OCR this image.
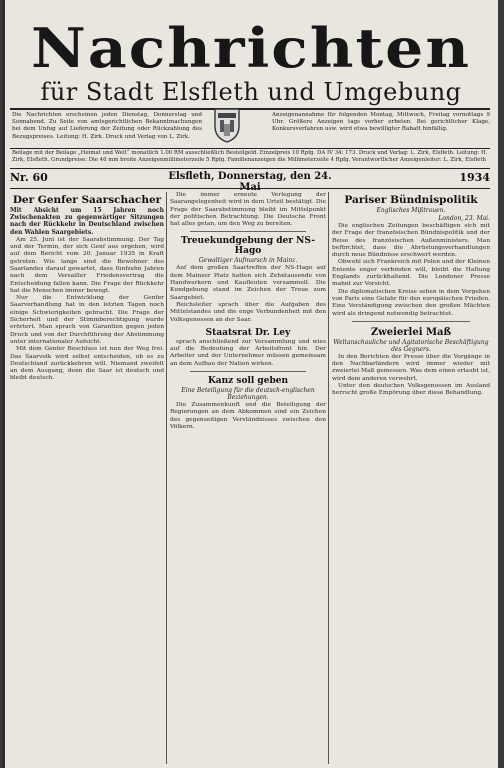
Nachrichten
für Stadt Elsfleth und Umgebung
Die Nachrichten erscheinen jeden Dienstag, Donnerstag und Sonnabend. Zu Seite von amtsgerichtlichen Bekanntmachungen bei dem Unfug auf Lieferung der Zeitung oder Rückzahlung des Bezugspreises. Leitung: H. Zirk. Druck und Verlag von L. Zirk.
Anzeigenannahme für folgenden Montag, Mittwoch, Freitag vormittags 9 Uhr. Größere Anzeigen tags vorher erbeten. Bei gerichtlicher Klage, Konkursverfahren usw. wird etwa bewilligter Rabatt hinfällig.
Beilage mit der Beilage „Heimat und Welt“ monatlich 1.00 RM ausschließlich Bestellgeld. Einzelpreis 10 Rpfg. DA IV 34: 173. Druck und Verlag: L. Zirk, Elsfleth. Leitung: H. Zirk, Elsfleth. Grundpreise: Die 46 mm breite Anzeigenmillimeterzeile 5 Rpfg. Familienanzeigen die Millimeterzeile 4 Rpfg. Verantwortlicher Anzeigenleiter: L. Zirk, Elsfleth
Nr. 60	Elsfleth, Donnerstag, den 24.	1934
Der Genfer Saarschacher
Mit Absicht um 15 Jahren noch Zwischenakten zu gegenwärtiger Sitzungen nach der Rückkehr in Deutschland zwischen den Wahlen Saargebiets.
Am 25. Juni ist der Saarabstimmung. Der Tag und der Termin, der sich Genf aus ergeben, wird auf dem Bericht vom 20. Januar 1935 in Kraft getreten. Wie lange sind die Bewohner des Saarlandes darauf gewartet, dass fünfzehn Jahren nach dem Versailler Friedensvertrag die Entscheidung fallen kann. Die Frage der Rückkehr hat die Menschen immer bewegt.
Nur die Entwicklung der Genfer Saarverhandlung hat in den letzten Tagen noch einige Schwierigkeiten gebracht. Die Frage der Sicherheit und der Stimmberechtigung wurde erörtert. Man sprach von Garantien gegen jeden Druck und von der Durchführung der Abstimmung unter internationaler Aufsicht.
Mit dem Genfer Beschluss ist nun der Weg frei. Das Saarvolk wird selbst entscheiden, ob es zu Deutschland zurückkehren will. Niemand zweifelt an dem Ausgang, denn die Saar ist deutsch und bleibt deutsch.
Die immer erneute Verlegung der Saarangelegenheit wird in dem Urteil bestätigt. Die Frage der Saarabstimmung bleibt im Mittelpunkt der politischen Betrachtung. Die Deutsche Front hat alles getan, um den Weg zu bereiten.
Treuekundgebung der NS-Hago
Gewaltiger Aufmarsch in Mainz.
Auf dem großen Saartreffen der NS-Hago auf dem Mainzer Platz hatten sich Zehntausende von Handwerkern und Kaufleuten versammelt. Die Kundgebung stand im Zeichen der Treue zum Saargebiet.
Reichsleiter sprach über die Aufgaben des Mittelstandes und die enge Verbundenheit mit den Volksgenossen an der Saar.
Staatsrat Dr. Ley
sprach anschließend zur Versammlung und wies auf die Bedeutung der Arbeitsfront hin. Der Arbeiter und der Unternehmer müssen gemeinsam an dem Aufbau der Nation wirken.
Kanz soll geben
Eine Beteiligung für die deutsch-englischen Beziehungen.
Die Zusammenkunft und die Beteiligung der Regierungen an dem Abkommen sind ein Zeichen des gegenseitigen Verständnisses zwischen den Völkern.
Pariser Bündnispolitik
Englisches Mißtrauen.
London, 23. Mai.
Die englischen Zeitungen beschäftigen sich mit der Frage der französischen Bündnispolitik und der Reise des französischen Außenministers. Man befürchtet, dass die Abrüstungsverhandlungen durch neue Bündnisse erschwert werden.
Obwohl sich Frankreich mit Polen und der Kleinen Entente enger verbinden will, bleibt die Haltung Englands zurückhaltend. Die Londoner Presse mahnt zur Vorsicht.
Die diplomatischen Kreise sehen in dem Vorgehen von Paris eine Gefahr für den europäischen Frieden. Eine Verständigung zwischen den großen Mächten wird als dringend notwendig betrachtet.
Zweierlei Maß
Weltanschauliche und Agitatorische Beschäftigung des Gegners.
In den Berichten der Presse über die Vorgänge in den Nachbarländern wird immer wieder mit zweierlei Maß gemessen. Was dem einen erlaubt ist, wird dem anderen verwehrt.
Unter den deutschen Volksgenossen im Ausland herrscht große Empörung über diese Behandlung.
